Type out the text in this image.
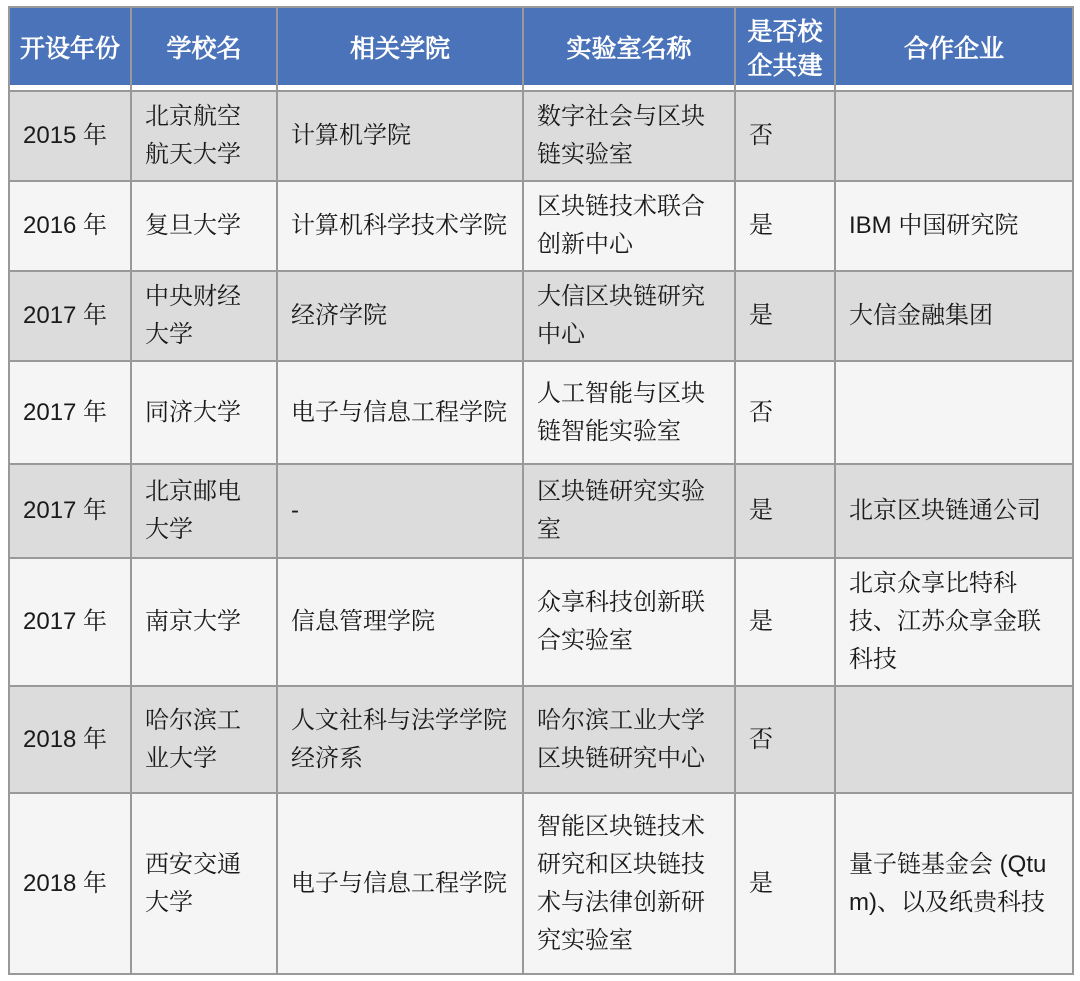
开设年份	学校名	相关学院	实验室名称	是否校企共建	合作企业
2015 年	北京航空航天大学	计算机学院	数字社会与区块链实验室	否	
2016 年	复旦大学	计算机科学技术学院	区块链技术联合创新中心	是	IBM 中国研究院
2017 年	中央财经大学	经济学院	大信区块链研究中心	是	大信金融集团
2017 年	同济大学	电子与信息工程学院	人工智能与区块链智能实验室	否	
2017 年	北京邮电大学	-	区块链研究实验室	是	北京区块链通公司
2017 年	南京大学	信息管理学院	众享科技创新联合实验室	是	北京众享比特科技、江苏众享金联科技
2018 年	哈尔滨工业大学	人文社科与法学学院经济系	哈尔滨工业大学区块链研究中心	否	
2018 年	西安交通大学	电子与信息工程学院	智能区块链技术研究和区块链技术与法律创新研究实验室	是	量子链基金会 (Qtum)、以及纸贵科技
